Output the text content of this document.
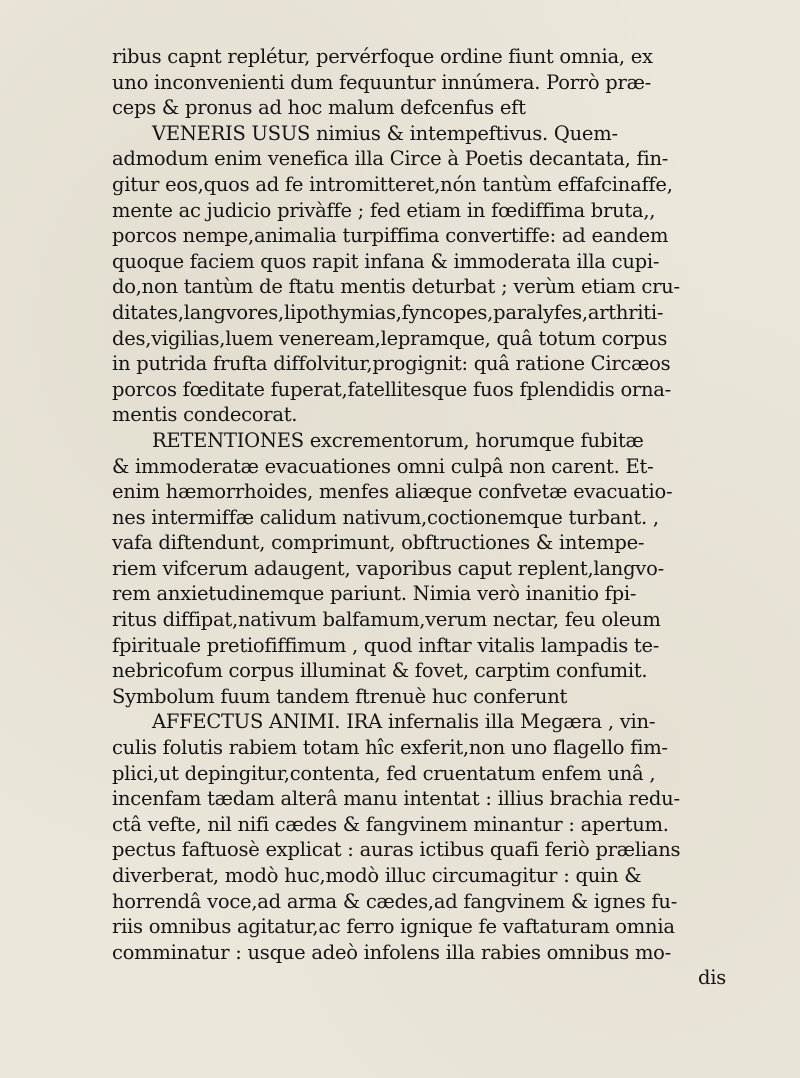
ribus capnt replétur, pervérfoque ordine fiunt omnia, ex
uno inconvenienti dum fequuntur innúmera. Porrò præ-
ceps & pronus ad hoc malum defcenfus eft
VENERIS USUS nimius & intempeftivus. Quem-
admodum enim venefica illa Circe à Poetis decantata, fin-
gitur eos,quos ad fe intromitteret,nón tantùm effafcinaffe,
mente ac judicio privàffe ; fed etiam in fœdiffima bruta,,
porcos nempe,animalia turpiffima convertiffe: ad eandem
quoque faciem quos rapit infana & immoderata illa cupi-
do,non tantùm de ftatu mentis deturbat ; verùm etiam cru-
ditates,langvores,lipothymias,fyncopes,paralyfes,arthriti-
des,vigilias,luem veneream,lepramque, quâ totum corpus
in putrida frufta diffolvitur,progignit: quâ ratione Circæos
porcos fœditate fuperat,fatellitesque fuos fplendidis orna-
mentis condecorat.
RETENTIONES excrementorum, horumque fubitæ
& immoderatæ evacuationes omni culpâ non carent. Et-
enim hæmorrhoides, menfes aliæque confvetæ evacuatio-
nes intermiffæ calidum nativum,coctionemque turbant. ,
vafa diftendunt, comprimunt, obftructiones & intempe-
riem vifcerum adaugent, vaporibus caput replent,langvo-
rem anxietudinemque pariunt. Nimia verò inanitio fpi-
ritus diffipat,nativum balfamum,verum nectar, feu oleum
fpirituale pretiofiffimum , quod inftar vitalis lampadis te-
nebricofum corpus illuminat & fovet, carptim confumit.
Symbolum fuum tandem ftrenuè huc conferunt
AFFECTUS ANIMI. IRA infernalis illa Megæra , vin-
culis folutis rabiem totam hîc exferit,non uno flagello fim-
plici,ut depingitur,contenta, fed cruentatum enfem unâ ,
incenfam tædam alterâ manu intentat : illius brachia redu-
ctâ vefte, nil nifi cædes & fangvinem minantur : apertum.
pectus faftuosè explicat : auras ictibus quafi feriò prælians
diverberat, modò huc,modò illuc circumagitur : quin &
horrendâ voce,ad arma & cædes,ad fangvinem & ignes fu-
riis omnibus agitatur,ac ferro ignique fe vaftaturam omnia
comminatur : usque adeò infolens illa rabies omnibus mo-
dis
